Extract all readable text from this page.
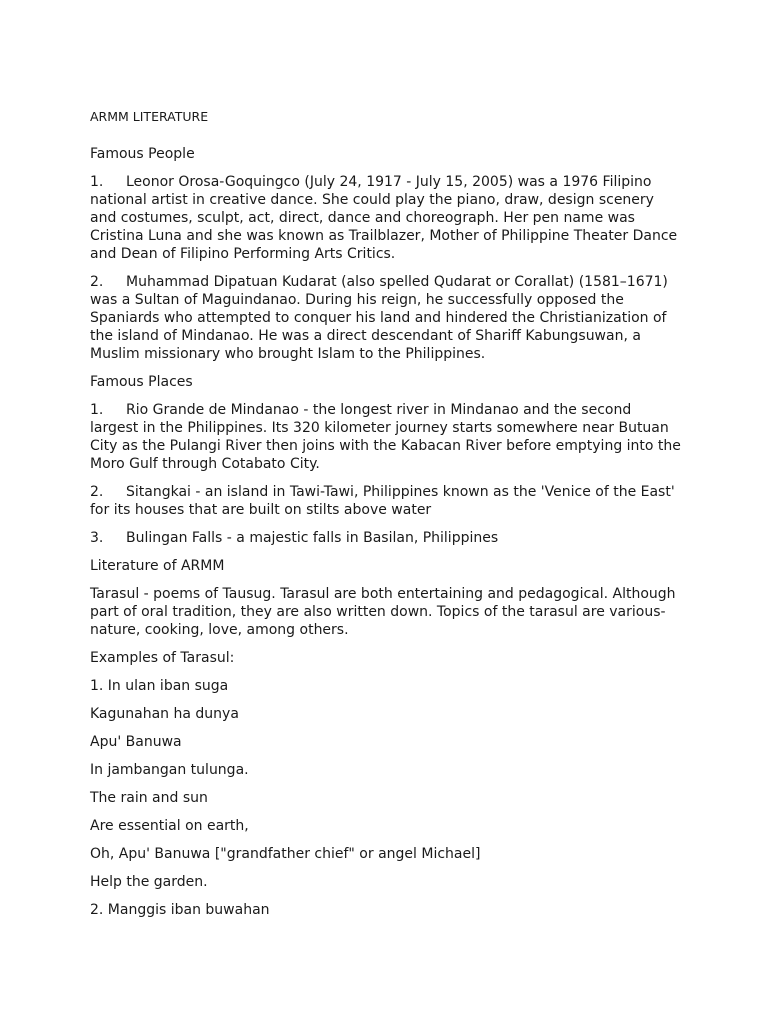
ARMM LITERATURE

Famous People

1. Leonor Orosa-Goquingco (July 24, 1917 - July 15, 2005) was a 1976 Filipino national artist in creative dance. She could play the piano, draw, design scenery and costumes, sculpt, act, direct, dance and choreograph. Her pen name was Cristina Luna and she was known as Trailblazer, Mother of Philippine Theater Dance and Dean of Filipino Performing Arts Critics.

2. Muhammad Dipatuan Kudarat (also spelled Qudarat or Corallat) (1581–1671) was a Sultan of Maguindanao. During his reign, he successfully opposed the Spaniards who attempted to conquer his land and hindered the Christianization of the island of Mindanao. He was a direct descendant of Shariff Kabungsuwan, a Muslim missionary who brought Islam to the Philippines.

Famous Places

1. Rio Grande de Mindanao - the longest river in Mindanao and the second largest in the Philippines. Its 320 kilometer journey starts somewhere near Butuan City as the Pulangi River then joins with the Kabacan River before emptying into the Moro Gulf through Cotabato City.

2. Sitangkai - an island in Tawi-Tawi, Philippines known as the 'Venice of the East' for its houses that are built on stilts above water

3. Bulingan Falls - a majestic falls in Basilan, Philippines

Literature of ARMM

Tarasul - poems of Tausug. Tarasul are both entertaining and pedagogical. Although part of oral tradition, they are also written down. Topics of the tarasul are various- nature, cooking, love, among others.

Examples of Tarasul:

1. In ulan iban suga

Kagunahan ha dunya

Apu' Banuwa

In jambangan tulunga.

The rain and sun

Are essential on earth,

Oh, Apu' Banuwa ["grandfather chief" or angel Michael]

Help the garden.

2. Manggis iban buwahan
